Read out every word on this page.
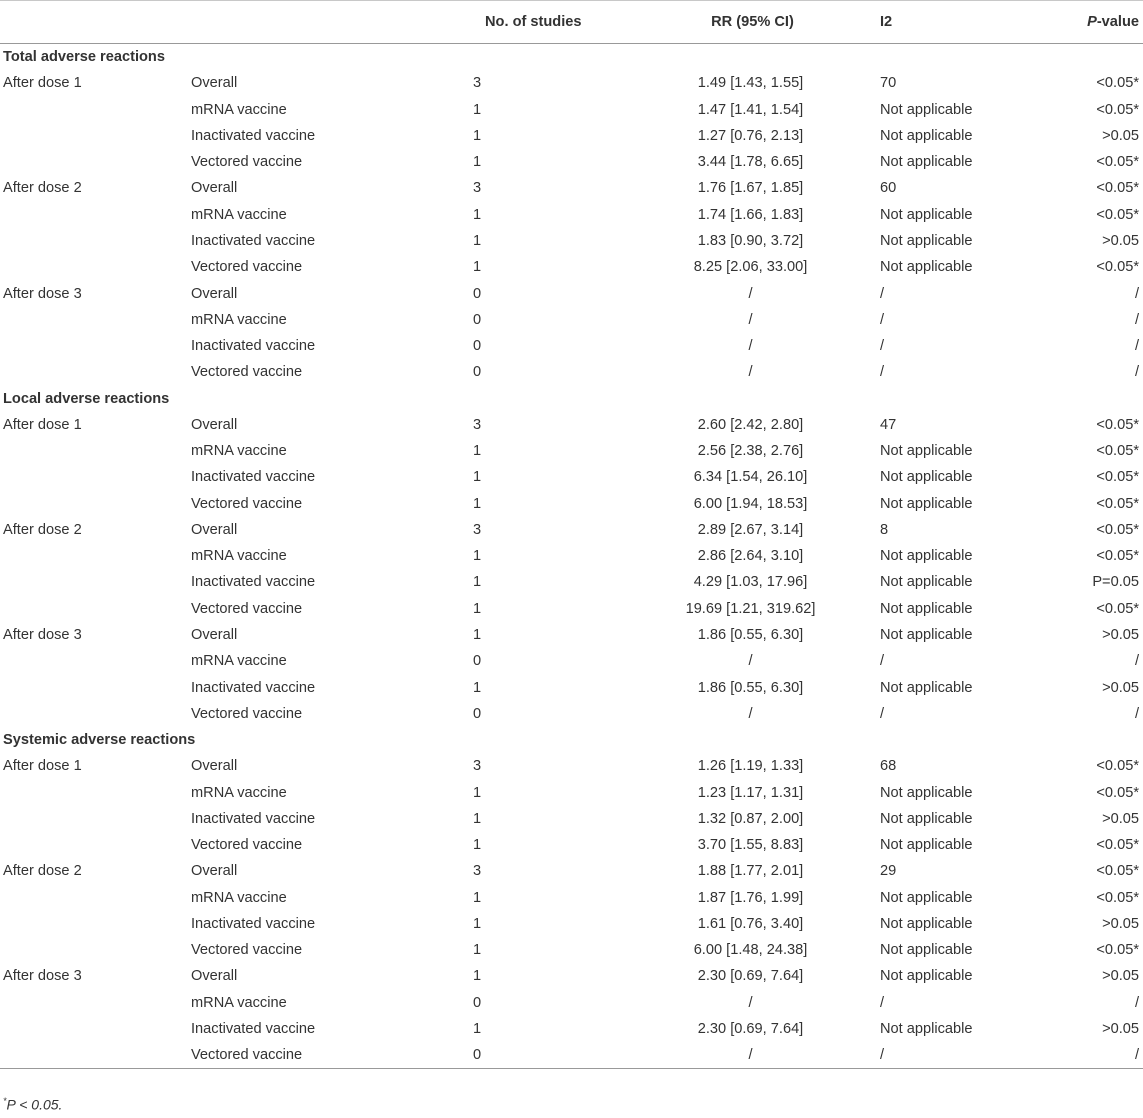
		No. of studies	RR (95% CI)	I2	P-value
Total adverse reactions					
After dose 1	Overall	3	1.49 [1.43, 1.55]	70	<0.05*
	mRNA vaccine	1	1.47 [1.41, 1.54]	Not applicable	<0.05*
	Inactivated vaccine	1	1.27 [0.76, 2.13]	Not applicable	>0.05
	Vectored vaccine	1	3.44 [1.78, 6.65]	Not applicable	<0.05*
After dose 2	Overall	3	1.76 [1.67, 1.85]	60	<0.05*
	mRNA vaccine	1	1.74 [1.66, 1.83]	Not applicable	<0.05*
	Inactivated vaccine	1	1.83 [0.90, 3.72]	Not applicable	>0.05
	Vectored vaccine	1	8.25 [2.06, 33.00]	Not applicable	<0.05*
After dose 3	Overall	0	/	/	/
	mRNA vaccine	0	/	/	/
	Inactivated vaccine	0	/	/	/
	Vectored vaccine	0	/	/	/
Local adverse reactions					
After dose 1	Overall	3	2.60 [2.42, 2.80]	47	<0.05*
	mRNA vaccine	1	2.56 [2.38, 2.76]	Not applicable	<0.05*
	Inactivated vaccine	1	6.34 [1.54, 26.10]	Not applicable	<0.05*
	Vectored vaccine	1	6.00 [1.94, 18.53]	Not applicable	<0.05*
After dose 2	Overall	3	2.89 [2.67, 3.14]	8	<0.05*
	mRNA vaccine	1	2.86 [2.64, 3.10]	Not applicable	<0.05*
	Inactivated vaccine	1	4.29 [1.03, 17.96]	Not applicable	P=0.05
	Vectored vaccine	1	19.69 [1.21, 319.62]	Not applicable	<0.05*
After dose 3	Overall	1	1.86 [0.55, 6.30]	Not applicable	>0.05
	mRNA vaccine	0	/	/	/
	Inactivated vaccine	1	1.86 [0.55, 6.30]	Not applicable	>0.05
	Vectored vaccine	0	/	/	/
Systemic adverse reactions					
After dose 1	Overall	3	1.26 [1.19, 1.33]	68	<0.05*
	mRNA vaccine	1	1.23 [1.17, 1.31]	Not applicable	<0.05*
	Inactivated vaccine	1	1.32 [0.87, 2.00]	Not applicable	>0.05
	Vectored vaccine	1	3.70 [1.55, 8.83]	Not applicable	<0.05*
After dose 2	Overall	3	1.88 [1.77, 2.01]	29	<0.05*
	mRNA vaccine	1	1.87 [1.76, 1.99]	Not applicable	<0.05*
	Inactivated vaccine	1	1.61 [0.76, 3.40]	Not applicable	>0.05
	Vectored vaccine	1	6.00 [1.48, 24.38]	Not applicable	<0.05*
After dose 3	Overall	1	2.30 [0.69, 7.64]	Not applicable	>0.05
	mRNA vaccine	0	/	/	/
	Inactivated vaccine	1	2.30 [0.69, 7.64]	Not applicable	>0.05
	Vectored vaccine	0	/	/	/
*P < 0.05.
